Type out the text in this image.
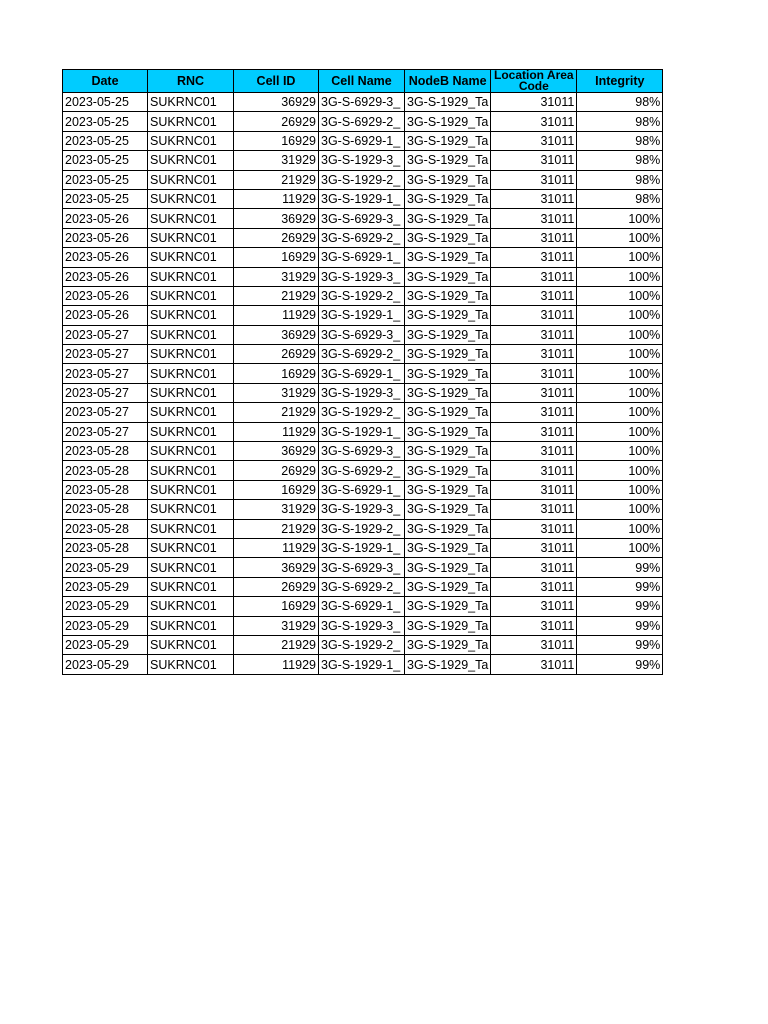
Date	RNC	Cell ID	Cell Name	NodeB Name	Location Area Code	Integrity
2023-05-25	SUKRNC01	36929	3G-S-6929-3_	3G-S-1929_Ta	31011	98%
2023-05-25	SUKRNC01	26929	3G-S-6929-2_	3G-S-1929_Ta	31011	98%
2023-05-25	SUKRNC01	16929	3G-S-6929-1_	3G-S-1929_Ta	31011	98%
2023-05-25	SUKRNC01	31929	3G-S-1929-3_	3G-S-1929_Ta	31011	98%
2023-05-25	SUKRNC01	21929	3G-S-1929-2_	3G-S-1929_Ta	31011	98%
2023-05-25	SUKRNC01	11929	3G-S-1929-1_	3G-S-1929_Ta	31011	98%
2023-05-26	SUKRNC01	36929	3G-S-6929-3_	3G-S-1929_Ta	31011	100%
2023-05-26	SUKRNC01	26929	3G-S-6929-2_	3G-S-1929_Ta	31011	100%
2023-05-26	SUKRNC01	16929	3G-S-6929-1_	3G-S-1929_Ta	31011	100%
2023-05-26	SUKRNC01	31929	3G-S-1929-3_	3G-S-1929_Ta	31011	100%
2023-05-26	SUKRNC01	21929	3G-S-1929-2_	3G-S-1929_Ta	31011	100%
2023-05-26	SUKRNC01	11929	3G-S-1929-1_	3G-S-1929_Ta	31011	100%
2023-05-27	SUKRNC01	36929	3G-S-6929-3_	3G-S-1929_Ta	31011	100%
2023-05-27	SUKRNC01	26929	3G-S-6929-2_	3G-S-1929_Ta	31011	100%
2023-05-27	SUKRNC01	16929	3G-S-6929-1_	3G-S-1929_Ta	31011	100%
2023-05-27	SUKRNC01	31929	3G-S-1929-3_	3G-S-1929_Ta	31011	100%
2023-05-27	SUKRNC01	21929	3G-S-1929-2_	3G-S-1929_Ta	31011	100%
2023-05-27	SUKRNC01	11929	3G-S-1929-1_	3G-S-1929_Ta	31011	100%
2023-05-28	SUKRNC01	36929	3G-S-6929-3_	3G-S-1929_Ta	31011	100%
2023-05-28	SUKRNC01	26929	3G-S-6929-2_	3G-S-1929_Ta	31011	100%
2023-05-28	SUKRNC01	16929	3G-S-6929-1_	3G-S-1929_Ta	31011	100%
2023-05-28	SUKRNC01	31929	3G-S-1929-3_	3G-S-1929_Ta	31011	100%
2023-05-28	SUKRNC01	21929	3G-S-1929-2_	3G-S-1929_Ta	31011	100%
2023-05-28	SUKRNC01	11929	3G-S-1929-1_	3G-S-1929_Ta	31011	100%
2023-05-29	SUKRNC01	36929	3G-S-6929-3_	3G-S-1929_Ta	31011	99%
2023-05-29	SUKRNC01	26929	3G-S-6929-2_	3G-S-1929_Ta	31011	99%
2023-05-29	SUKRNC01	16929	3G-S-6929-1_	3G-S-1929_Ta	31011	99%
2023-05-29	SUKRNC01	31929	3G-S-1929-3_	3G-S-1929_Ta	31011	99%
2023-05-29	SUKRNC01	21929	3G-S-1929-2_	3G-S-1929_Ta	31011	99%
2023-05-29	SUKRNC01	11929	3G-S-1929-1_	3G-S-1929_Ta	31011	99%
